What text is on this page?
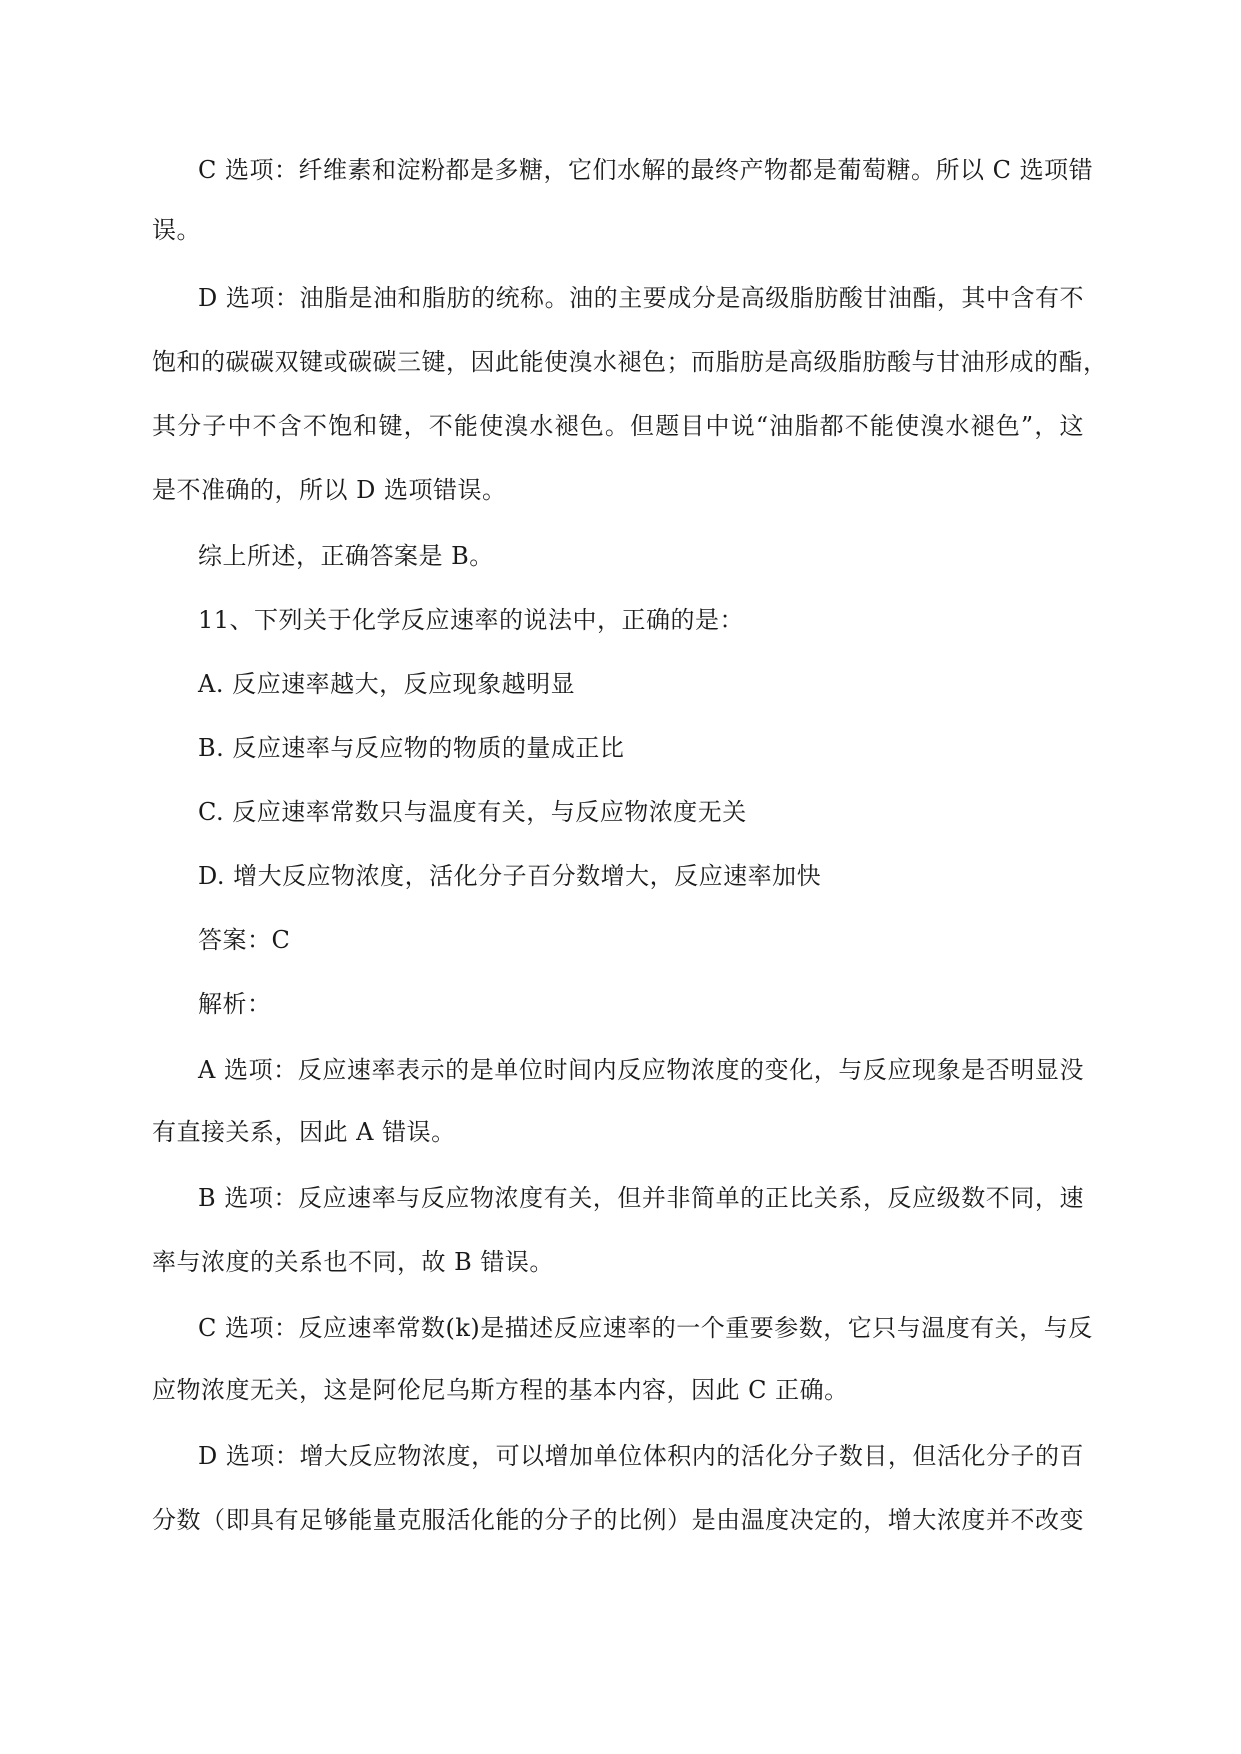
C 选项：纤维素和淀粉都是多糖，它们水解的最终产物都是葡萄糖。所以 C 选项错
误。
D 选项：油脂是油和脂肪的统称。油的主要成分是高级脂肪酸甘油酯，其中含有不
饱和的碳碳双键或碳碳三键，因此能使溴水褪色；而脂肪是高级脂肪酸与甘油形成的酯，
其分子中不含不饱和键，不能使溴水褪色。但题目中说“油脂都不能使溴水褪色”，这
是不准确的，所以 D 选项错误。
综上所述，正确答案是 B。
11、下列关于化学反应速率的说法中，正确的是：
A. 反应速率越大，反应现象越明显
B. 反应速率与反应物的物质的量成正比
C. 反应速率常数只与温度有关，与反应物浓度无关
D. 增大反应物浓度，活化分子百分数增大，反应速率加快
答案：C
解析：
A 选项：反应速率表示的是单位时间内反应物浓度的变化，与反应现象是否明显没
有直接关系，因此 A 错误。
B 选项：反应速率与反应物浓度有关，但并非简单的正比关系，反应级数不同，速
率与浓度的关系也不同，故 B 错误。
C 选项：反应速率常数(k)是描述反应速率的一个重要参数，它只与温度有关，与反
应物浓度无关，这是阿伦尼乌斯方程的基本内容，因此 C 正确。
D 选项：增大反应物浓度，可以增加单位体积内的活化分子数目，但活化分子的百
分数（即具有足够能量克服活化能的分子的比例）是由温度决定的，增大浓度并不改变
